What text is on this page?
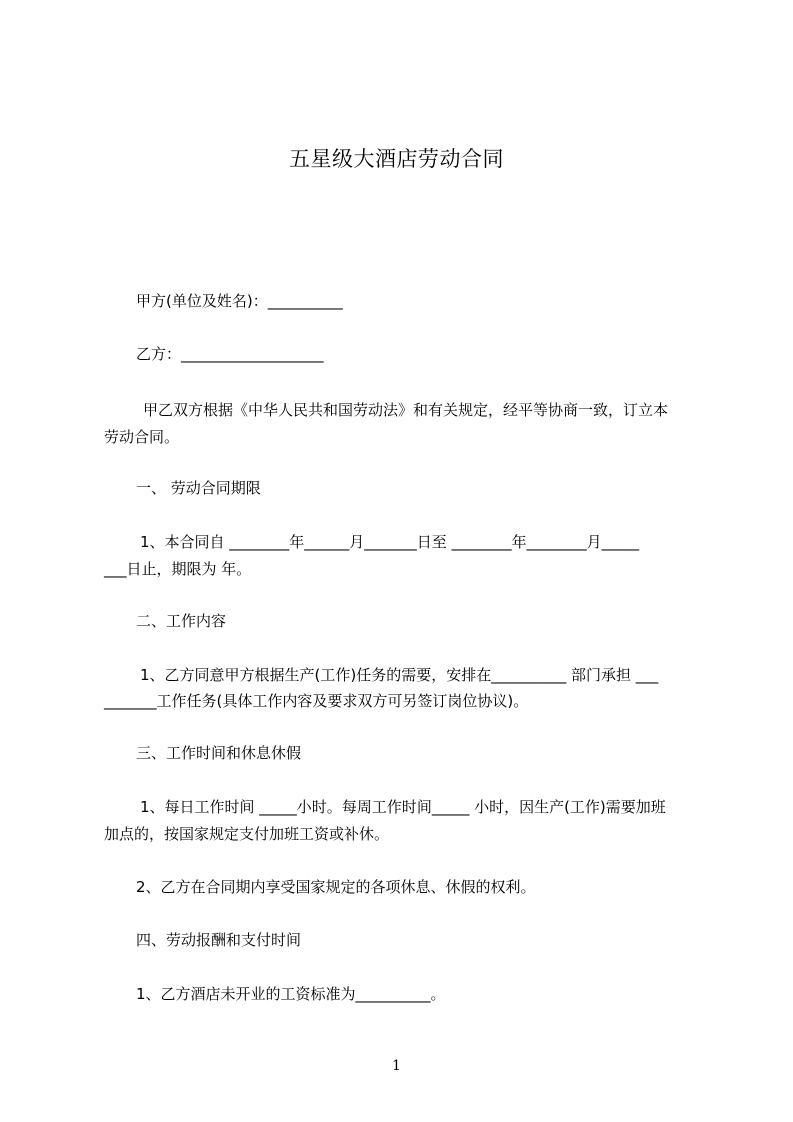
五星级大酒店劳动合同
甲方(单位及姓名)：__________
乙方：___________________
甲乙双方根据《中华人民共和国劳动法》和有关规定，经平等协商一致，订立本
劳动合同。
一、 劳动合同期限
1、本合同自 ________年______月_______日至 ________年________月_____
___日止，期限为 年。
二、工作内容
1、乙方同意甲方根据生产(工作)任务的需要，安排在__________ 部门承担 ___
_______工作任务(具体工作内容及要求双方可另签订岗位协议)。
三、工作时间和休息休假
1、每日工作时间 _____小时。每周工作时间_____ 小时，因生产(工作)需要加班
加点的，按国家规定支付加班工资或补休。
2、乙方在合同期内享受国家规定的各项休息、休假的权利。
四、劳动报酬和支付时间
1、乙方酒店未开业的工资标准为__________。
1
